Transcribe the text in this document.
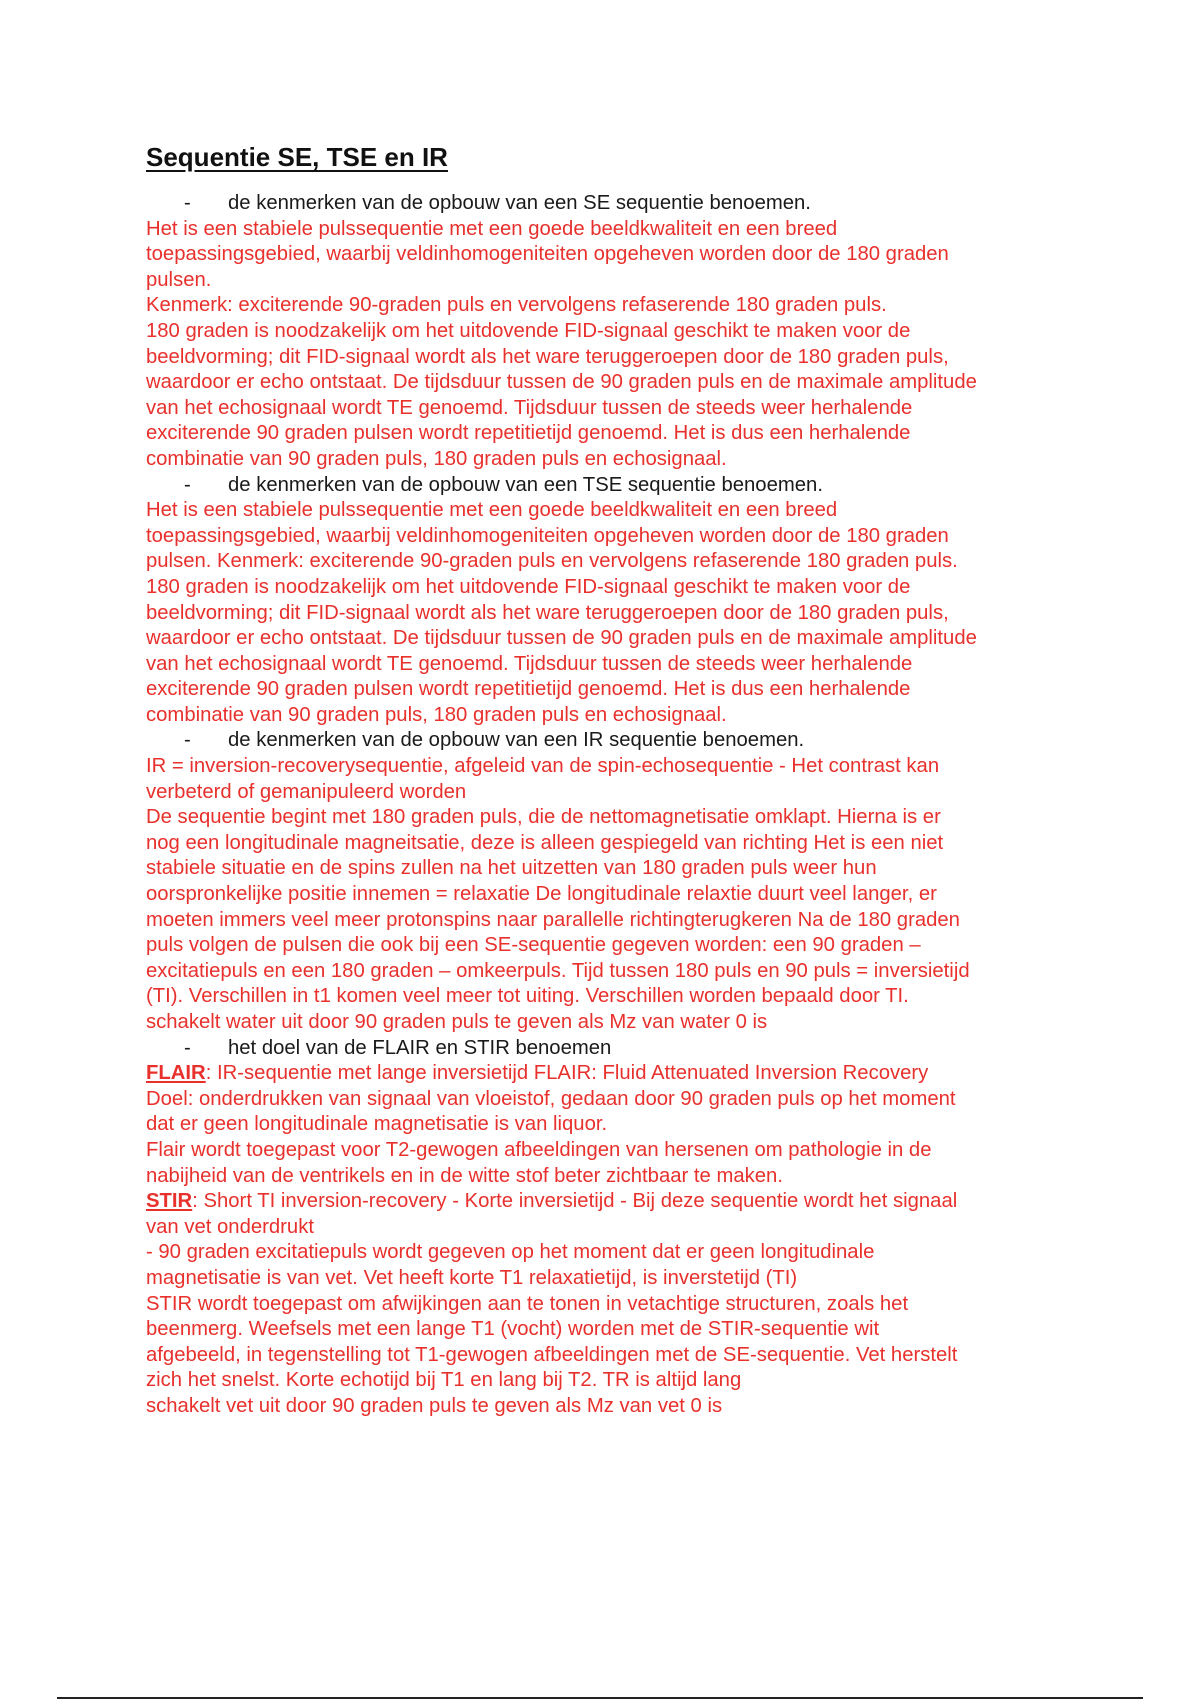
Sequentie SE, TSE en IR
- de kenmerken van de opbouw van een SE sequentie benoemen.
Het is een stabiele pulssequentie met een goede beeldkwaliteit en een breed
toepassingsgebied, waarbij veldinhomogeniteiten opgeheven worden door de 180 graden
pulsen.
Kenmerk: exciterende 90-graden puls en vervolgens refaserende 180 graden puls.
180 graden is noodzakelijk om het uitdovende FID-signaal geschikt te maken voor de
beeldvorming; dit FID-signaal wordt als het ware teruggeroepen door de 180 graden puls,
waardoor er echo ontstaat. De tijdsduur tussen de 90 graden puls en de maximale amplitude
van het echosignaal wordt TE genoemd. Tijdsduur tussen de steeds weer herhalende
exciterende 90 graden pulsen wordt repetitietijd genoemd. Het is dus een herhalende
combinatie van 90 graden puls, 180 graden puls en echosignaal.
- de kenmerken van de opbouw van een TSE sequentie benoemen.
Het is een stabiele pulssequentie met een goede beeldkwaliteit en een breed
toepassingsgebied, waarbij veldinhomogeniteiten opgeheven worden door de 180 graden
pulsen. Kenmerk: exciterende 90-graden puls en vervolgens refaserende 180 graden puls.
180 graden is noodzakelijk om het uitdovende FID-signaal geschikt te maken voor de
beeldvorming; dit FID-signaal wordt als het ware teruggeroepen door de 180 graden puls,
waardoor er echo ontstaat. De tijdsduur tussen de 90 graden puls en de maximale amplitude
van het echosignaal wordt TE genoemd. Tijdsduur tussen de steeds weer herhalende
exciterende 90 graden pulsen wordt repetitietijd genoemd. Het is dus een herhalende
combinatie van 90 graden puls, 180 graden puls en echosignaal.
- de kenmerken van de opbouw van een IR sequentie benoemen.
IR = inversion-recoverysequentie, afgeleid van de spin-echosequentie - Het contrast kan
verbeterd of gemanipuleerd worden
De sequentie begint met 180 graden puls, die de nettomagnetisatie omklapt. Hierna is er
nog een longitudinale magneitsatie, deze is alleen gespiegeld van richting Het is een niet
stabiele situatie en de spins zullen na het uitzetten van 180 graden puls weer hun
oorspronkelijke positie innemen = relaxatie De longitudinale relaxtie duurt veel langer, er
moeten immers veel meer protonspins naar parallelle richtingterugkeren Na de 180 graden
puls volgen de pulsen die ook bij een SE-sequentie gegeven worden: een 90 graden –
excitatiepuls en een 180 graden – omkeerpuls. Tijd tussen 180 puls en 90 puls = inversietijd
(TI). Verschillen in t1 komen veel meer tot uiting. Verschillen worden bepaald door TI.
schakelt water uit door 90 graden puls te geven als Mz van water 0 is
- het doel van de FLAIR en STIR benoemen
FLAIR: IR-sequentie met lange inversietijd FLAIR: Fluid Attenuated Inversion Recovery
Doel: onderdrukken van signaal van vloeistof, gedaan door 90 graden puls op het moment
dat er geen longitudinale magnetisatie is van liquor.
Flair wordt toegepast voor T2-gewogen afbeeldingen van hersenen om pathologie in de
nabijheid van de ventrikels en in de witte stof beter zichtbaar te maken.
STIR: Short TI inversion-recovery - Korte inversietijd - Bij deze sequentie wordt het signaal
van vet onderdrukt
- 90 graden excitatiepuls wordt gegeven op het moment dat er geen longitudinale
magnetisatie is van vet. Vet heeft korte T1 relaxatietijd, is inverstetijd (TI)
STIR wordt toegepast om afwijkingen aan te tonen in vetachtige structuren, zoals het
beenmerg. Weefsels met een lange T1 (vocht) worden met de STIR-sequentie wit
afgebeeld, in tegenstelling tot T1-gewogen afbeeldingen met de SE-sequentie. Vet herstelt
zich het snelst. Korte echotijd bij T1 en lang bij T2. TR is altijd lang
schakelt vet uit door 90 graden puls te geven als Mz van vet 0 is
